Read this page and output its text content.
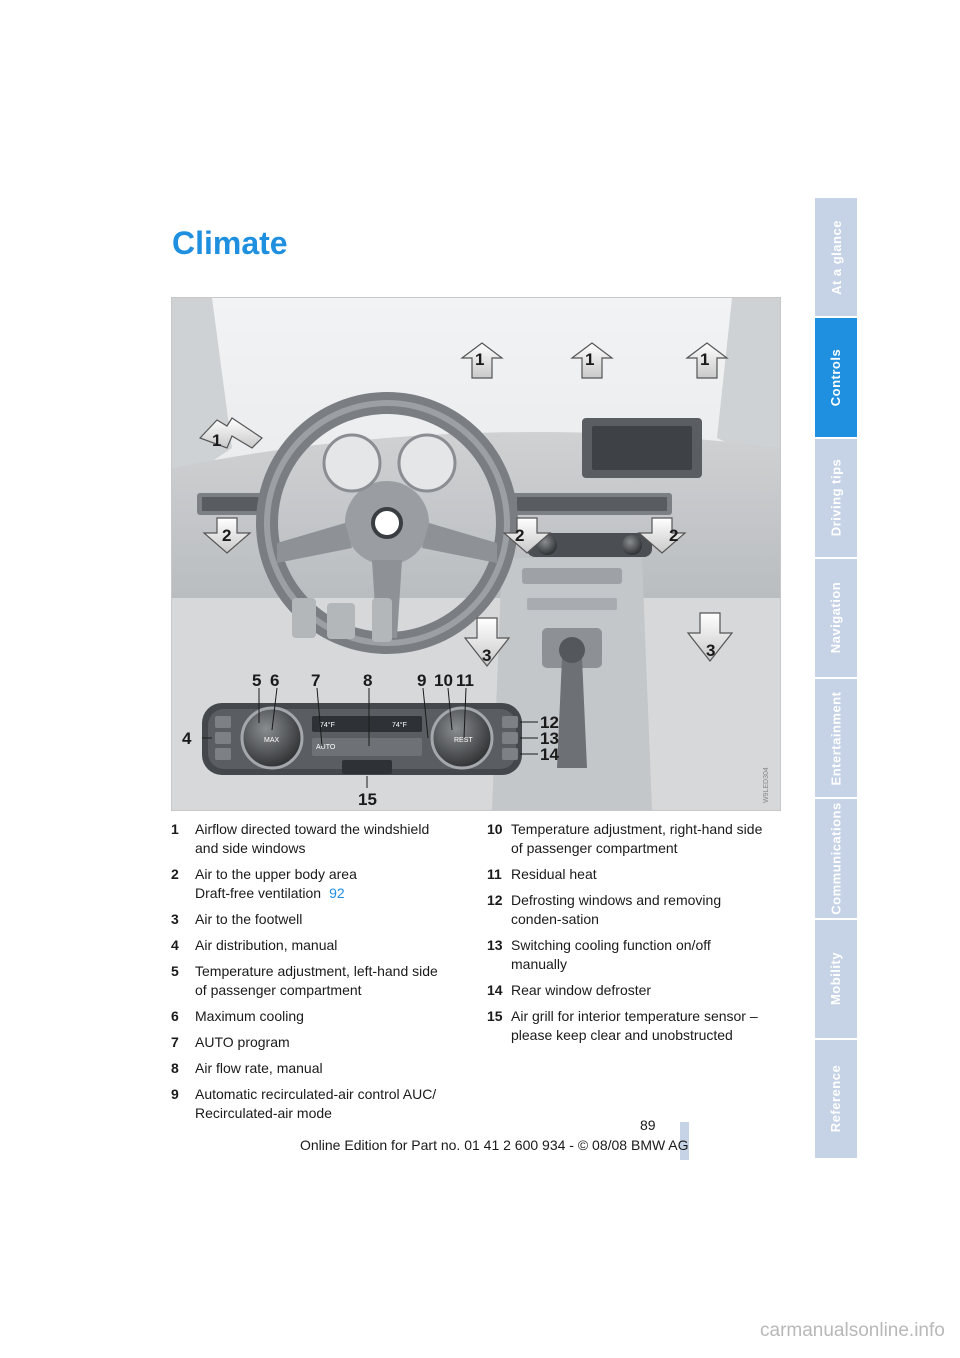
At a glance
Controls
Driving tips
Navigation
Entertainment
Communications
Mobility
Reference
Climate
MAX
AUTO
74°F	74°F
REST
1	1	1
1
2	2	2
3	3
4
5 6 7	8	9 10 11
12
13
14
15	W9LED304
1	Airflow directed toward the windshield and side windows
2	Air to the upper body area
Draft-free ventilation 92
3	Air to the footwell
4	Air distribution, manual
5	Temperature adjustment, left-hand side of passenger compartment
6	Maximum cooling
7	AUTO program
8	Air flow rate, manual
9	Automatic recirculated-air control AUC/ Recirculated-air mode
10 Temperature adjustment, right-hand side of passenger compartment
11 Residual heat
12 Defrosting windows and removing conden-sation
13 Switching cooling function on/off manually
14 Rear window defroster
15 Air grill for interior temperature sensor – please keep clear and unobstructed
89
Online Edition for Part no. 01 41 2 600 934 - © 08/08 BMW AG
carmanualsonline.info
